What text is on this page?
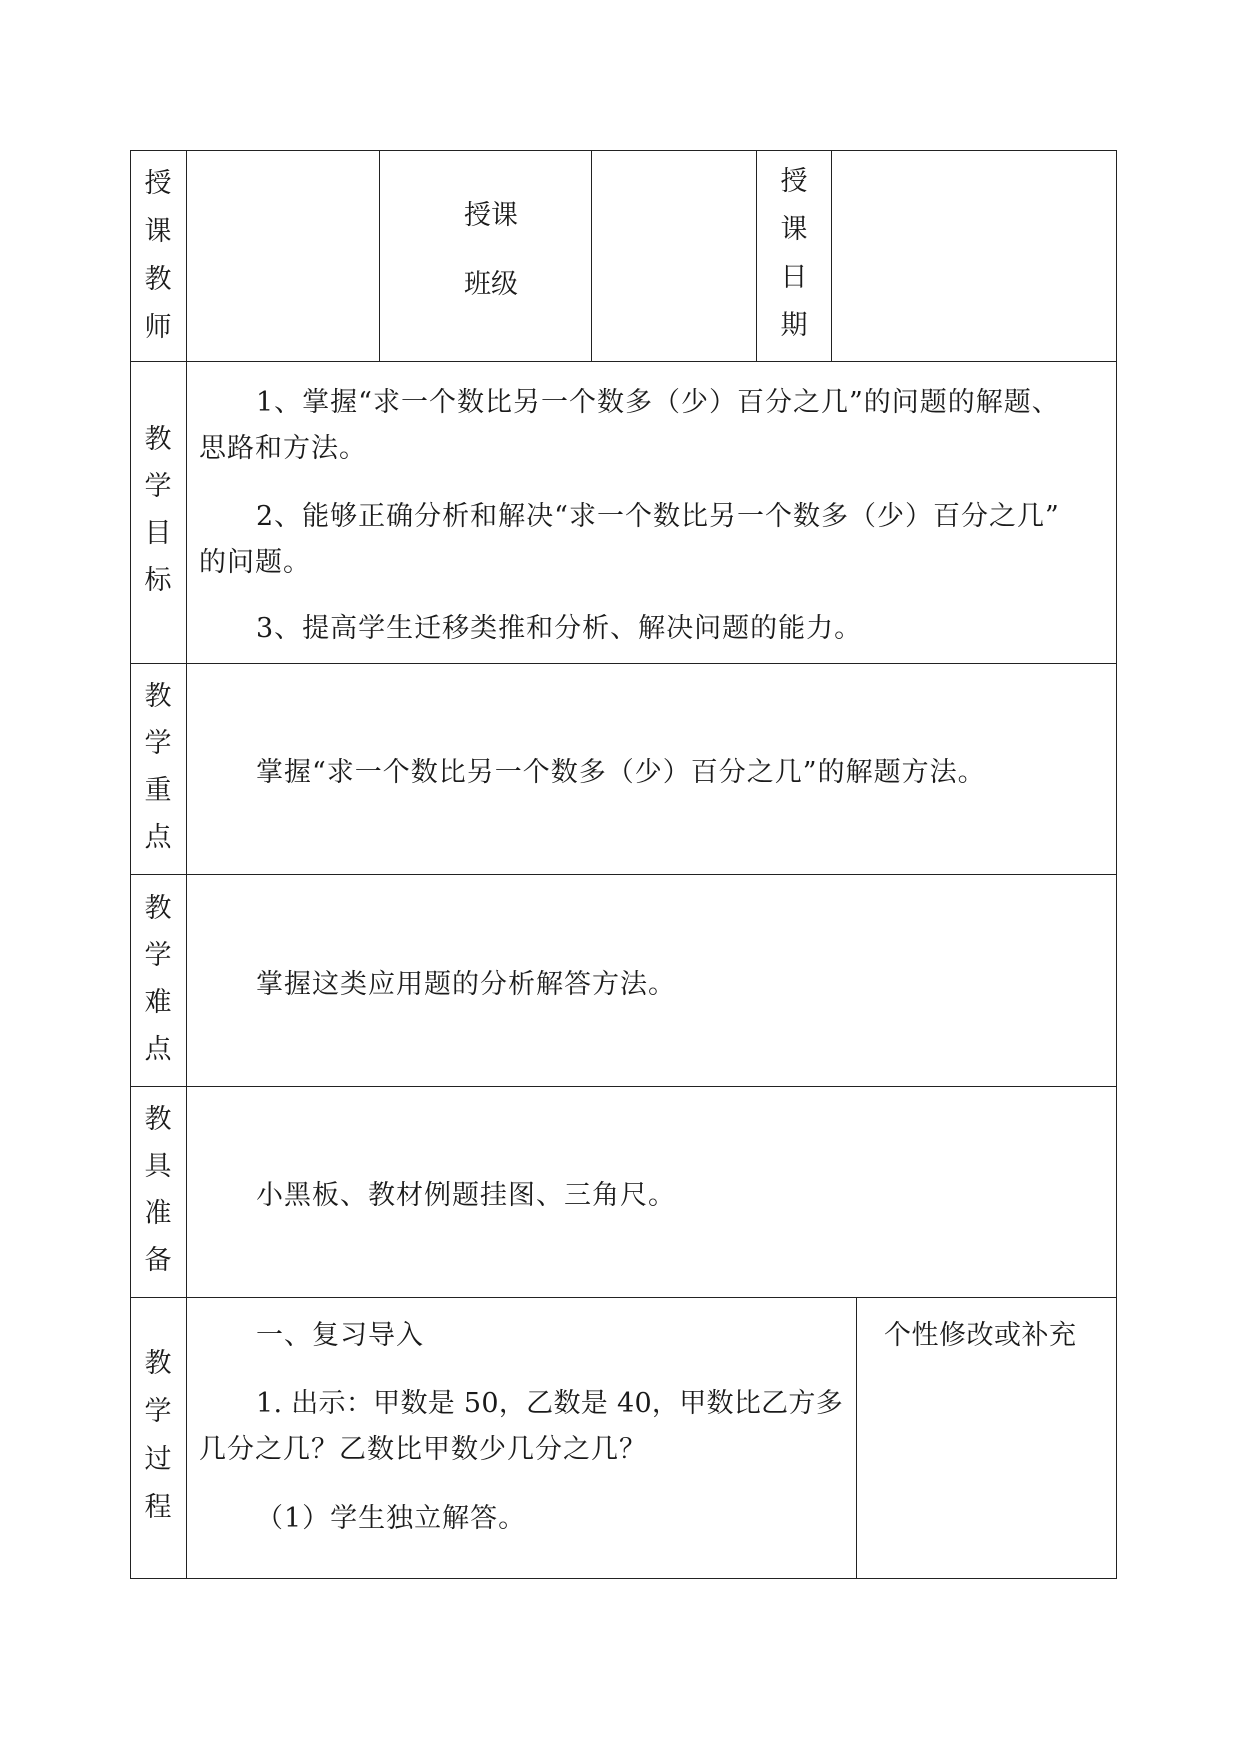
授
课
教
师
授课
班级
授
课
日
期
教
学
目
标
1、掌握“求一个数比另一个数多（少）百分之几”的问题的解题、
思路和方法。
2、能够正确分析和解决“求一个数比另一个数多（少）百分之几”
的问题。
3、提高学生迁移类推和分析、解决问题的能力。
教
学
重
点
掌握“求一个数比另一个数多（少）百分之几”的解题方法。
教
学
难
点
掌握这类应用题的分析解答方法。
教
具
准
备
小黑板、教材例题挂图、三角尺。
教
学
过
程
一、复习导入
1. 出示：甲数是 50，乙数是 40，甲数比乙方多
几分之几？乙数比甲数少几分之几？
（1）学生独立解答。
个性修改或补充
